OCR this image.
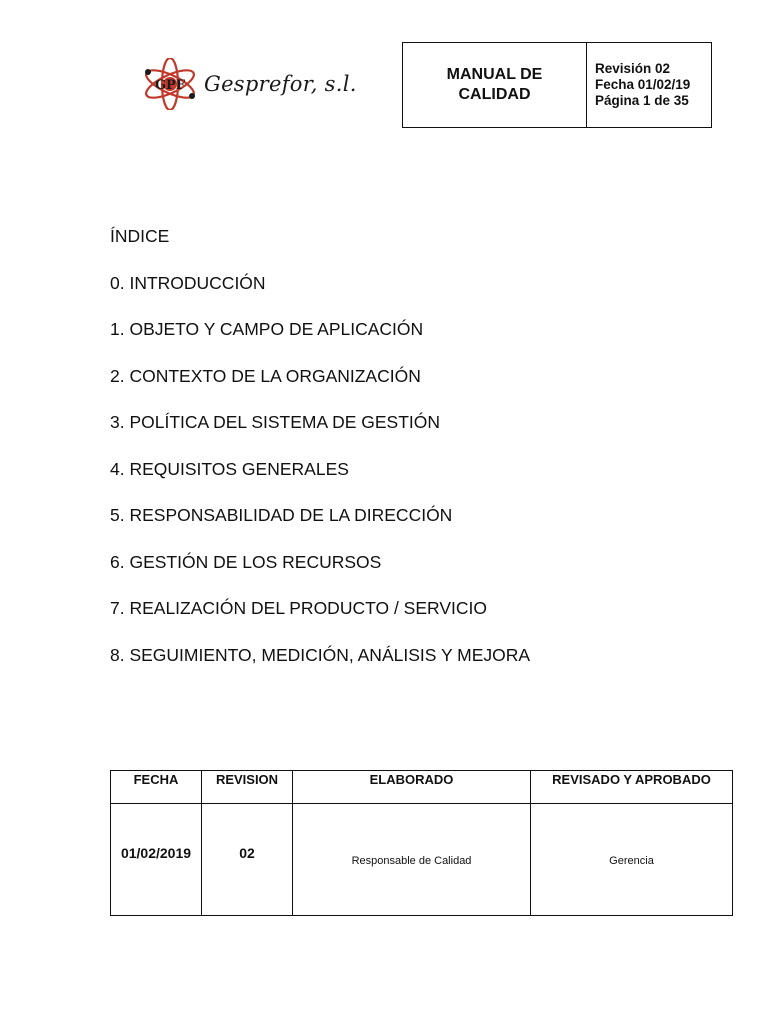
GPF Gesprefor, s.l.	MANUAL DE
CALIDAD
Revisión 02
Fecha 01/02/19
Página 1 de 35
ÍNDICE
0. INTRODUCCIÓN
1. OBJETO Y CAMPO DE APLICACIÓN
2. CONTEXTO DE LA ORGANIZACIÓN
3. POLÍTICA DEL SISTEMA DE GESTIÓN
4. REQUISITOS GENERALES
5. RESPONSABILIDAD DE LA DIRECCIÓN
6. GESTIÓN DE LOS RECURSOS
7. REALIZACIÓN DEL PRODUCTO / SERVICIO
8. SEGUIMIENTO, MEDICIÓN, ANÁLISIS Y MEJORA
FECHA	REVISION	ELABORADO	REVISADO Y APROBADO
01/02/2019	02	Responsable de Calidad	Gerencia
